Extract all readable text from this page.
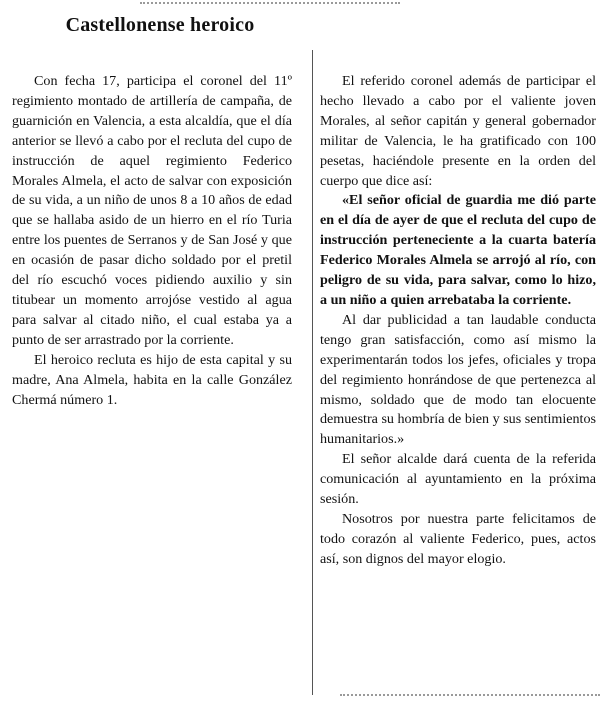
Castellonense heroico

Con fecha 17, participa el coronel del 11º regimiento montado de artillería de campaña, de guarnición en Valencia, a esta alcaldía, que el día anterior se llevó a cabo por el recluta del cupo de instrucción de aquel regimiento Federico Morales Almela, el acto de salvar con exposición de su vida, a un niño de unos 8 a 10 años de edad que se hallaba asido de un hierro en el río Turia entre los puentes de Serranos y de San José y que en ocasión de pasar dicho soldado por el pretil del río escuchó voces pidiendo auxilio y sin titubear un momento arrojóse vestido al agua para salvar al citado niño, el cual estaba ya a punto de ser arrastrado por la corriente.

El heroico recluta es hijo de esta capital y su madre, Ana Almela, habita en la calle González Chermá número 1.

El referido coronel además de participar el hecho llevado a cabo por el valiente joven Morales, al señor capitán y general gobernador militar de Valencia, le ha gratificado con 100 pesetas, haciéndole presente en la orden del cuerpo que dice así:

«El señor oficial de guardia me dió parte en el día de ayer de que el recluta del cupo de instrucción perteneciente a la cuarta batería Federico Morales Almela se arrojó al río, con peligro de su vida, para salvar, como lo hizo, a un niño a quien arrebataba la corriente.

Al dar publicidad a tan laudable conducta tengo gran satisfacción, como así mismo la experimentarán todos los jefes, oficiales y tropa del regimiento honrándose de que pertenezca al mismo, soldado que de modo tan elocuente demuestra su hombría de bien y sus sentimientos humanitarios.»

El señor alcalde dará cuenta de la referida comunicación al ayuntamiento en la próxima sesión.

Nosotros por nuestra parte felicitamos de todo corazón al valiente Federico, pues, actos así, son dignos del mayor elogio.
